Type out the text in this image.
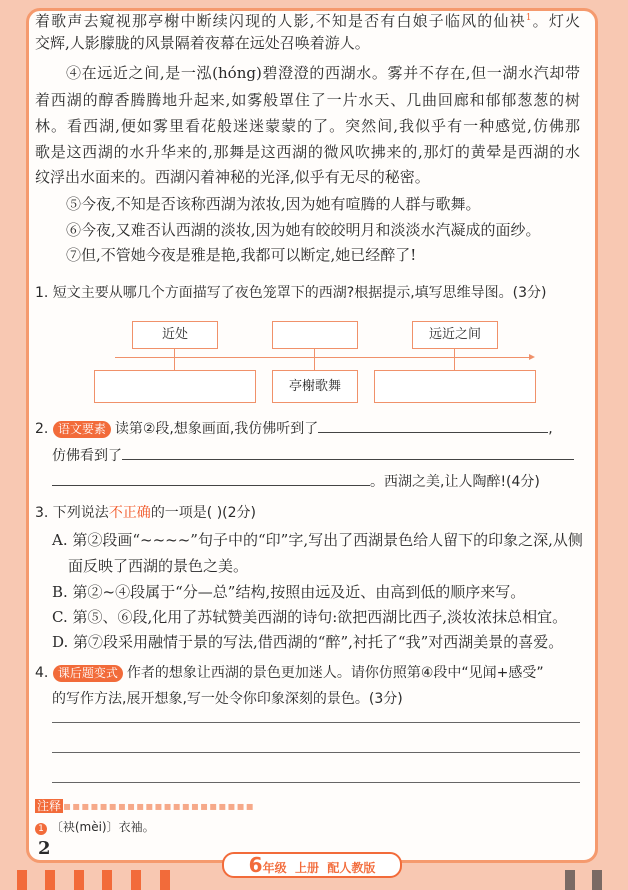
着歌声去窥视那亭榭中断续闪现的人影,不知是否有白娘子临风的仙袂$^1$。灯火
交辉,人影朦胧的风景隔着夜幕在远处召唤着游人。
④在远近之间,是一泓(hóng)碧澄澄的西湖水。雾并不存在,但一湖水汽却带
着西湖的醇香腾腾地升起来,如雾般罩住了一片水天、几曲回廊和郁郁葱葱的树
林。看西湖,便如雾里看花般迷迷蒙蒙的了。突然间,我似乎有一种感觉,仿佛那
歌是这西湖的水升华来的,那舞是这西湖的微风吹拂来的,那灯的黄晕是西湖的水
纹浮出水面来的。西湖闪着神秘的光泽,似乎有无尽的秘密。
⑤今夜,不知是否该称西湖为浓妆,因为她有喧腾的人群与歌舞。
⑥今夜,又难否认西湖的淡妆,因为她有皎皎明月和淡淡水汽凝成的面纱。
⑦但,不管她今夜是雅是艳,我都可以断定,她已经醉了!
1. 短文主要从哪几个方面描写了夜色笼罩下的西湖?根据提示,填写思维导图。(3分)
近处	远近之间
亭榭歌舞
2. 语文要素 读第②段,想象画面,我仿佛听到了	,
仿佛看到了
。西湖之美,让人陶醉!(4分)
3. 下列说法不正确的一项是( )(2分)
A. 第②段画“~~~~”句子中的“印”字,写出了西湖景色给人留下的印象之深,从侧
面反映了西湖的景色之美。
B. 第②~④段属于“分—总”结构,按照由远及近、由高到低的顺序来写。
C. 第⑤、⑥段,化用了苏轼赞美西湖的诗句:欲把西湖比西子,淡妆浓抹总相宜。
D. 第⑦段采用融情于景的写法,借西湖的“醉”,衬托了“我”对西湖美景的喜爱。
4. 课后题变式 作者的想象让西湖的景色更加迷人。请你仿照第④段中“见闻+感受”
的写作方法,展开想象,写一处令你印象深刻的景色。(3分)
注释 ▪▪▪▪▪▪▪▪▪▪▪▪▪▪▪▪▪▪▪▪▪
1 〔袂(mèi)〕衣袖。
2
6年级 上册 配人教版
